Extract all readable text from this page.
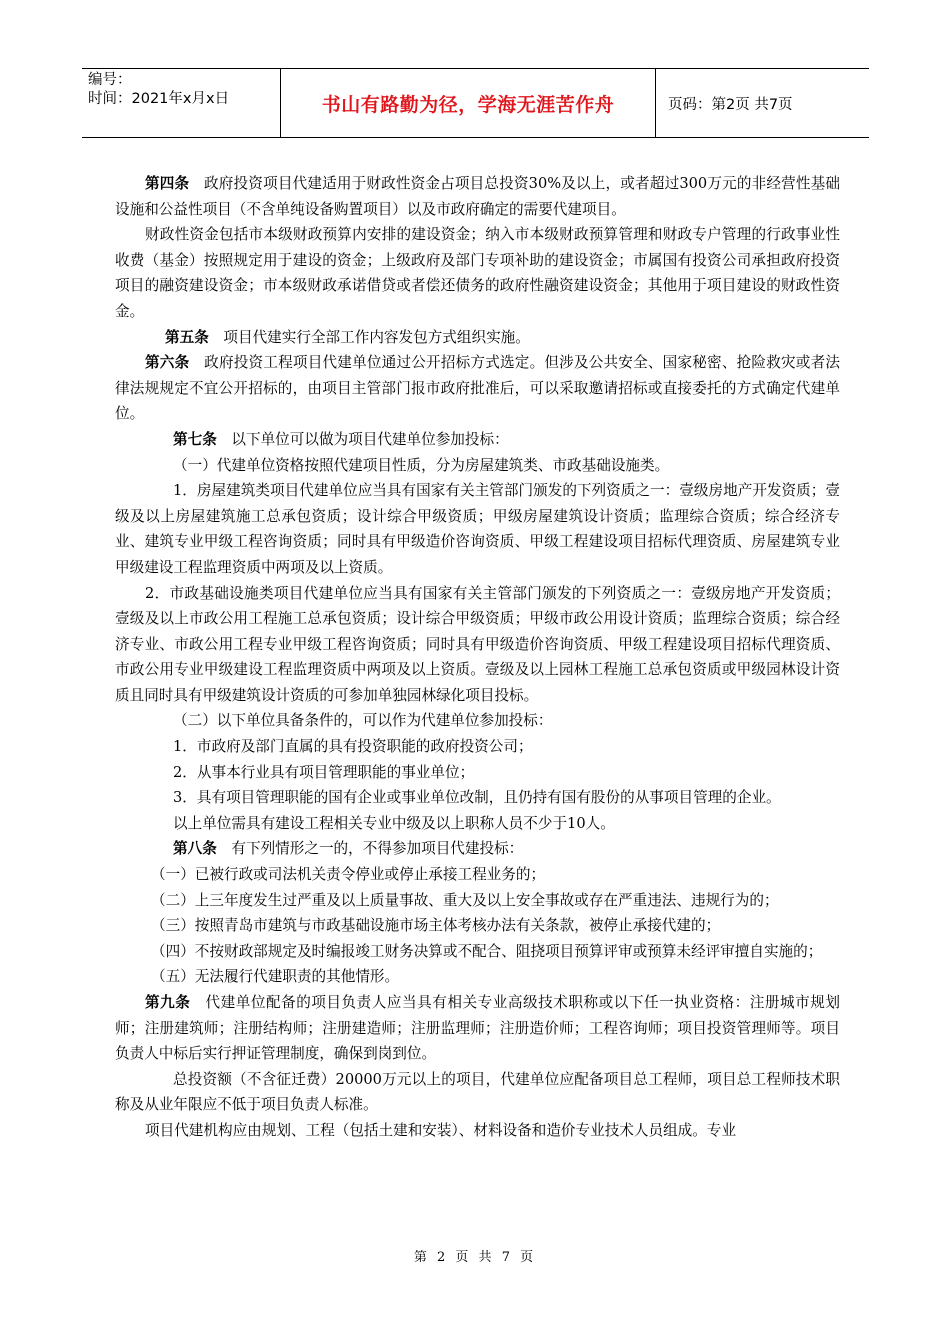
编号：
时间：2021年x月x日	书山有路勤为径，学海无涯苦作舟	页码：第2页 共7页

第四条　政府投资项目代建适用于财政性资金占项目总投资30%及以上，或者超过300万元的非经营性基础设施和公益性项目（不含单纯设备购置项目）以及市政府确定的需要代建项目。

财政性资金包括市本级财政预算内安排的建设资金；纳入市本级财政预算管理和财政专户管理的行政事业性收费（基金）按照规定用于建设的资金；上级政府及部门专项补助的建设资金；市属国有投资公司承担政府投资项目的融资建设资金；市本级财政承诺借贷或者偿还债务的政府性融资建设资金；其他用于项目建设的财政性资金。

第五条　项目代建实行全部工作内容发包方式组织实施。

第六条　政府投资工程项目代建单位通过公开招标方式选定。但涉及公共安全、国家秘密、抢险救灾或者法律法规规定不宜公开招标的，由项目主管部门报市政府批准后，可以采取邀请招标或直接委托的方式确定代建单位。

第七条　以下单位可以做为项目代建单位参加投标：

（一）代建单位资格按照代建项目性质，分为房屋建筑类、市政基础设施类。

1．房屋建筑类项目代建单位应当具有国家有关主管部门颁发的下列资质之一：壹级房地产开发资质；壹级及以上房屋建筑施工总承包资质；设计综合甲级资质；甲级房屋建筑设计资质；监理综合资质；综合经济专业、建筑专业甲级工程咨询资质；同时具有甲级造价咨询资质、甲级工程建设项目招标代理资质、房屋建筑专业甲级建设工程监理资质中两项及以上资质。

2．市政基础设施类项目代建单位应当具有国家有关主管部门颁发的下列资质之一：壹级房地产开发资质；壹级及以上市政公用工程施工总承包资质；设计综合甲级资质；甲级市政公用设计资质；监理综合资质；综合经济专业、市政公用工程专业甲级工程咨询资质；同时具有甲级造价咨询资质、甲级工程建设项目招标代理资质、市政公用专业甲级建设工程监理资质中两项及以上资质。壹级及以上园林工程施工总承包资质或甲级园林设计资质且同时具有甲级建筑设计资质的可参加单独园林绿化项目投标。

（二）以下单位具备条件的，可以作为代建单位参加投标：

1．市政府及部门直属的具有投资职能的政府投资公司；

2．从事本行业具有项目管理职能的事业单位；

3．具有项目管理职能的国有企业或事业单位改制，且仍持有国有股份的从事项目管理的企业。

以上单位需具有建设工程相关专业中级及以上职称人员不少于10人。

第八条　有下列情形之一的，不得参加项目代建投标：

（一）已被行政或司法机关责令停业或停止承接工程业务的；

（二）上三年度发生过严重及以上质量事故、重大及以上安全事故或存在严重违法、违规行为的；

（三）按照青岛市建筑与市政基础设施市场主体考核办法有关条款，被停止承接代建的；

（四）不按财政部规定及时编报竣工财务决算或不配合、阻挠项目预算评审或预算未经评审擅自实施的；

（五）无法履行代建职责的其他情形。

第九条　代建单位配备的项目负责人应当具有相关专业高级技术职称或以下任一执业资格：注册城市规划师；注册建筑师；注册结构师；注册建造师；注册监理师；注册造价师；工程咨询师；项目投资管理师等。项目负责人中标后实行押证管理制度，确保到岗到位。

总投资额（不含征迁费）20000万元以上的项目，代建单位应配备项目总工程师，项目总工程师技术职称及从业年限应不低于项目负责人标准。

项目代建机构应由规划、工程（包括土建和安装）、材料设备和造价专业技术人员组成。专业

第 2 页 共 7 页
